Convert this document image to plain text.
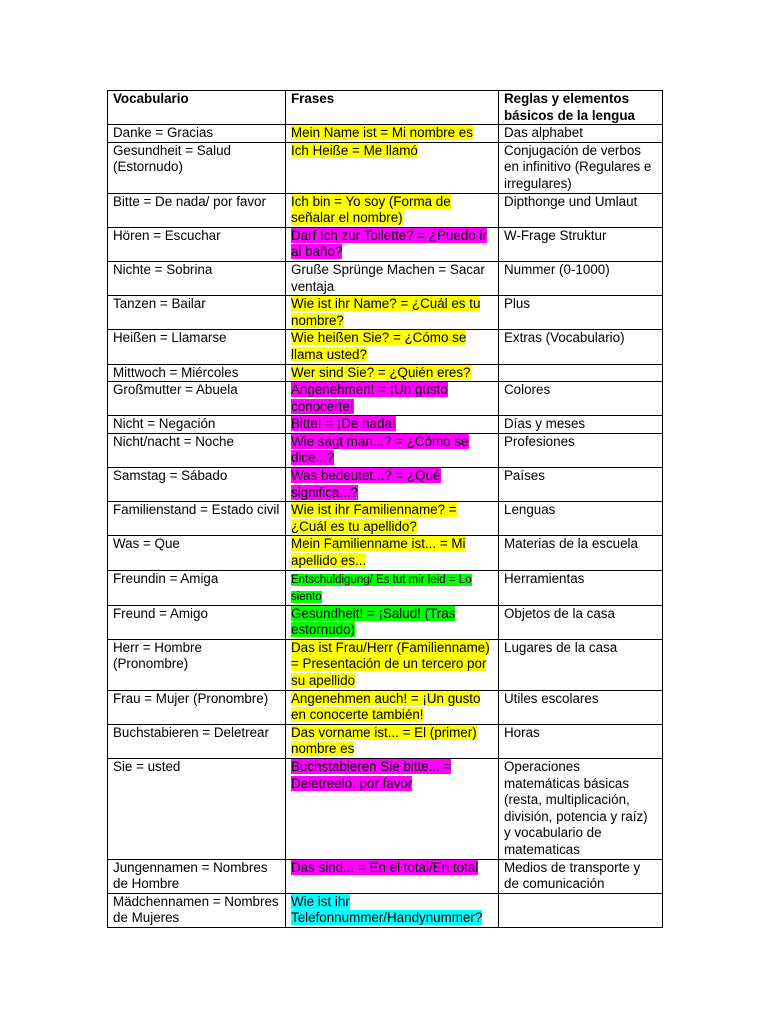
Vocabulario	Frases	Reglas y elementos básicos de la lengua
Danke = Gracias	Mein Name ist = Mi nombre es	Das alphabet
Gesundheit = Salud (Estornudo)	Ich Heiße = Me llamó	Conjugación de verbos en infinitivo (Regulares e irregulares)
Bitte = De nada/ por favor	Ich bin = Yo soy (Forma de señalar el nombre)	Dipthonge und Umlaut
Hören = Escuchar	Darf Ich zur Toilette? = ¿Puedo ir al baño?	W-Frage Struktur
Nichte = Sobrina	Gruße Sprünge Machen = Sacar ventaja	Nummer (0-1000)
Tanzen = Bailar	Wie ist ihr Name? = ¿Cuál es tu nombre?	Plus
Heißen = Llamarse	Wie heißen Sie? = ¿Cómo se llama usted?	Extras (Vocabulario)
Mittwoch = Miércoles	Wer sind Sie? = ¿Quién eres?	
Großmutter = Abuela	Angenehmen! = ¡Un gusto conocerte!	Colores
Nicht = Negación	Bitte! = ¡De nada!	Días y meses
Nicht/nacht = Noche	Wie sagt man...? = ¿Cómo se dice...?	Profesiones
Samstag = Sábado	Was bedeutet...? = ¿Qué significa...?	Países
Familienstand = Estado civil	Wie ist ihr Familienname? = ¿Cuál es tu apellido?	Lenguas
Was = Que	Mein Familienname ist... = Mi apellido es...	Materias de la escuela
Freundin = Amiga	Entschuldigung/ Es tut mir leid = Lo siento	Herramientas
Freund = Amigo	Gesundheit! = ¡Salud! (Tras estornudo)	Objetos de la casa
Herr = Hombre (Pronombre)	Das ist Frau/Herr (Familienname) = Presentación de un tercero por su apellido	Lugares de la casa
Frau = Mujer (Pronombre)	Angenehmen auch! = ¡Un gusto en conocerte también!	Utiles escolares
Buchstabieren = Deletrear	Das vorname ist... = El (primer) nombre es	Horas
Sie = usted	Buchstabieren Sie bitte... = Deletreelo, por favor	Operaciones matemáticas básicas (resta, multiplicación, división, potencia y raíz) y vocabulario de matematicas
Jungennamen = Nombres de Hombre	Das sind... = En el total/En total	Medios de transporte y de comunicación
Mädchennamen = Nombres de Mujeres	Wie ist ihr Telefonnummer/Handynummer?	
